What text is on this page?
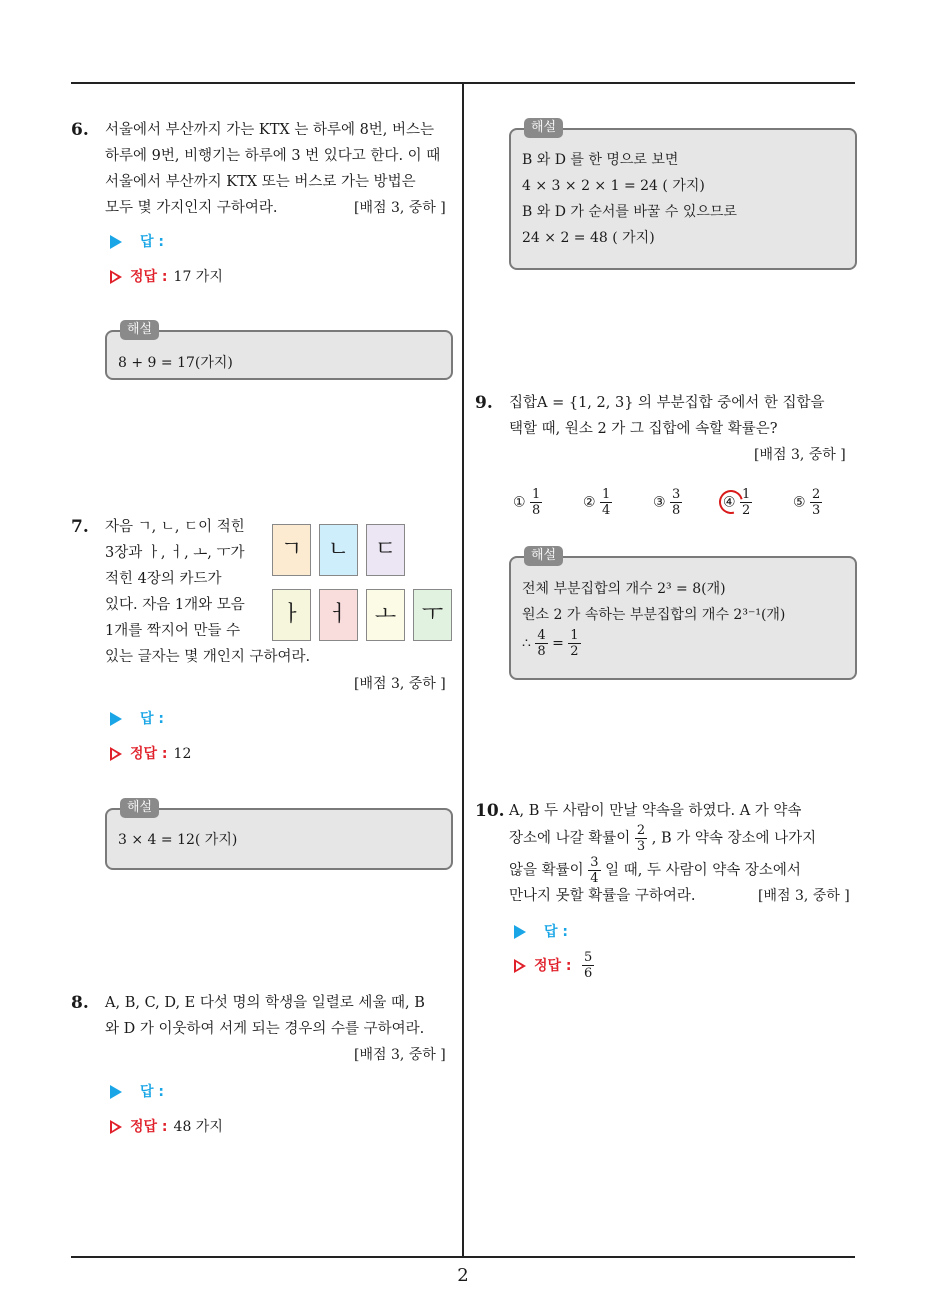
2
6. 서울에서 부산까지 가는 KTX 는 하루에 8번, 버스는
하루에 9번, 비행기는 하루에 3 번 있다고 한다. 이 때
서울에서 부산까지 KTX 또는 버스로 가는 방법은
모두 몇 가지인지 구하여라.	[배점 3, 중하 ]
답 :
정답 : 17 가지
8 + 9 = 17(가지)
해설
7. 자음 ㄱ, ㄴ, ㄷ이 적힌
3장과 ㅏ, ㅓ, ㅗ, ㅜ가
적힌 4장의 카드가
있다. 자음 1개와 모음
1개를 짝지어 만들 수
있는 글자는 몇 개인지 구하여라.
[배점 3, 중하 ]
ㄱ	ㄴ	ㄷ
ㅏ	ㅓ	ㅗ	ㅜ
답 :
정답 : 12
3 × 4 = 12( 가지)
해설
8. A, B, C, D, E 다섯 명의 학생을 일렬로 세울 때, B
와 D 가 이웃하여 서게 되는 경우의 수를 구하여라.
[배점 3, 중하 ]
답 :
정답 : 48 가지
B 와 D 를 한 명으로 보면
4 × 3 × 2 × 1 = 24 ( 가지)
B 와 D 가 순서를 바꿀 수 있으므로
24 × 2 = 48 ( 가지)
해설
9. 집합A = {1, 2, 3} 의 부분집합 중에서 한 집합을
택할 때, 원소 2 가 그 집합에 속할 확률은?
[배점 3, 중하 ]
① $\frac{1}{8}$	② $\frac{1}{4}$	③ $\frac{3}{8}$	④ $\frac{1}{2}$	⑤ $\frac{2}{3}$
전체 부분집합의 개수 2³ = 8(개)
원소 2 가 속하는 부분집합의 개수 2³⁻¹(개)
∴ $\frac{4}{8} = \frac{1}{2}$
해설
10. A, B 두 사람이 만날 약속을 하였다. A 가 약속
장소에 나갈 확률이 $\frac{2}{3}$ , B 가 약속 장소에 나가지
않을 확률이 $\frac{3}{4}$ 일 때, 두 사람이 약속 장소에서
만나지 못할 확률을 구하여라.	[배점 3, 중하 ]
답 :
정답 : $\frac{5}{6}$
